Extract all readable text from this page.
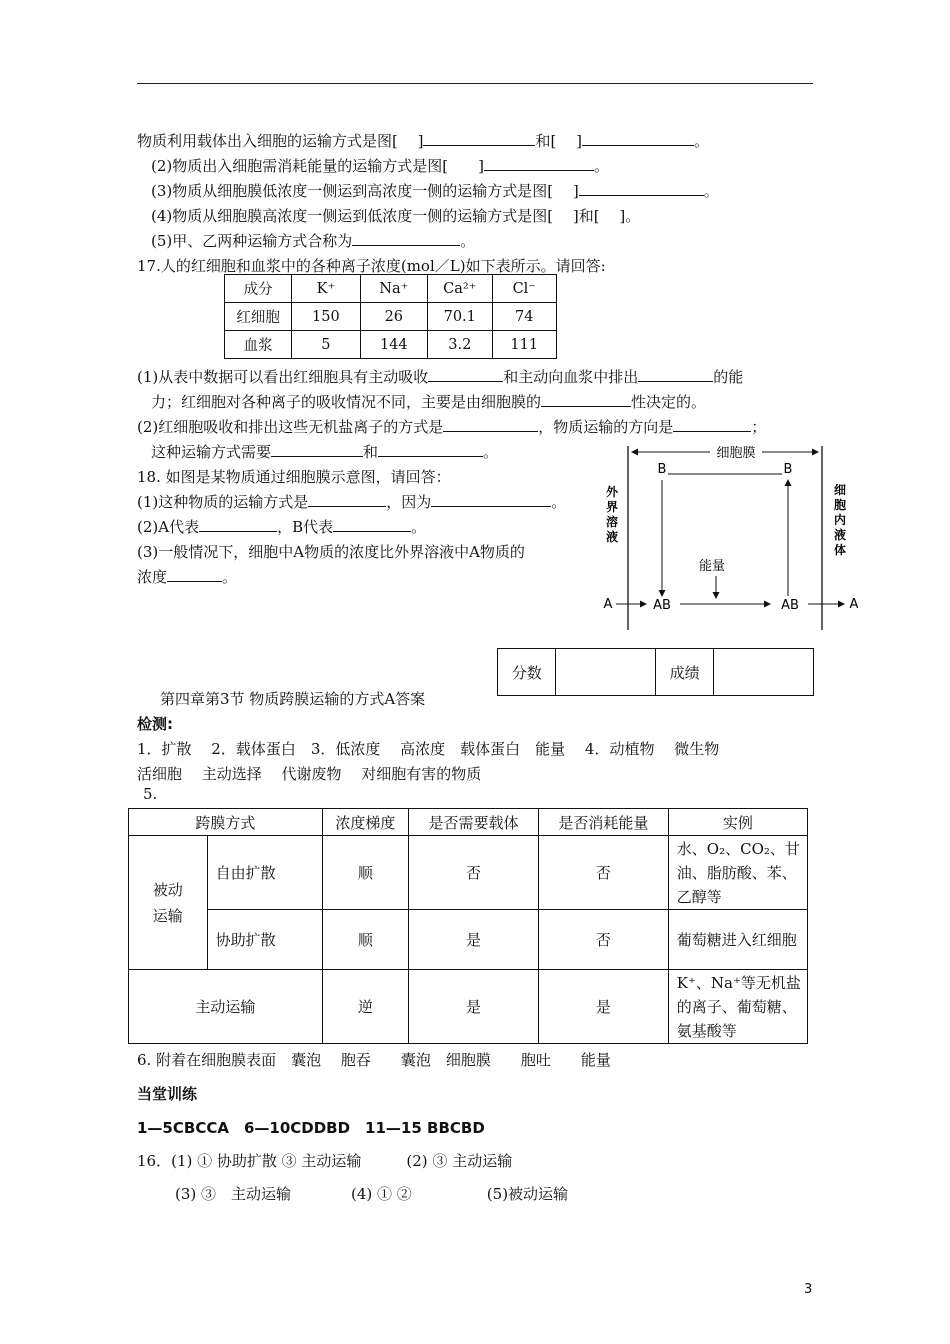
物质利用载体出入细胞的运输方式是图[　 ]	和[　 ]	。
(2)物质出入细胞需消耗能量的运输方式是图[　　]	。
(3)物质从细胞膜低浓度一侧运到高浓度一侧的运输方式是图[　 ]	。
(4)物质从细胞膜高浓度一侧运到低浓度一侧的运输方式是图[　 ]和[　 ]。
(5)甲、乙两种运输方式合称为	。
17.人的红细胞和血浆中的各种离子浓度(mol／L)如下表所示。请回答:
成分	K⁺	Na⁺	Ca²⁺	Cl⁻
红细胞	150	26	70.1	74
血浆	5	144	3.2	111
(1)从表中数据可以看出红细胞具有主动吸收	和主动向血浆中排出	的能
力；红细胞对各种离子的吸收情况不同，主要是由细胞膜的	性决定的。
(2)红细胞吸收和排出这些无机盐离子的方式是	，物质运输的方向是	；
这种运输方式需要	和	。
18. 如图是某物质通过细胞膜示意图，请回答：
(1)这种物质的运输方式是	，因为	。
(2)A代表	，B代表	。
(3)一般情况下，细胞中A物质的浓度比外界溶液中A物质的
浓度	。
细胞膜
外界溶液
细胞内液体
B	B
能量
A	AB	AB	A
分数		成绩	
第四章第3节 物质跨膜运输的方式A答案
检测:
1．扩散　 2．载体蛋白　3．低浓度　 高浓度　载体蛋白　能量　 4．动植物　 微生物
活细胞　 主动选择　 代谢废物　 对细胞有害的物质
5.
跨膜方式		浓度梯度	是否需要载体	是否消耗能量	实例
被动运输	自由扩散	顺	否	否	水、O₂、CO₂、甘油、脂肪酸、苯、乙醇等
	协助扩散	顺	是	否	葡萄糖进入红细胞
主动运输		逆	是	是	K⁺、Na⁺等无机盐的离子、葡萄糖、氨基酸等
6. 附着在细胞膜表面　囊泡　 胞吞　　囊泡　细胞膜　　胞吐　　能量
当堂训练
1—5CBCCA　6—10CDDBD　11—15 BBCBD
16．(1) ① 协助扩散 ③ 主动运输　　　(2) ③ 主动运输
(3) ③　主动运输　　　　(4) ① ②　　　　　(5)被动运输
3
